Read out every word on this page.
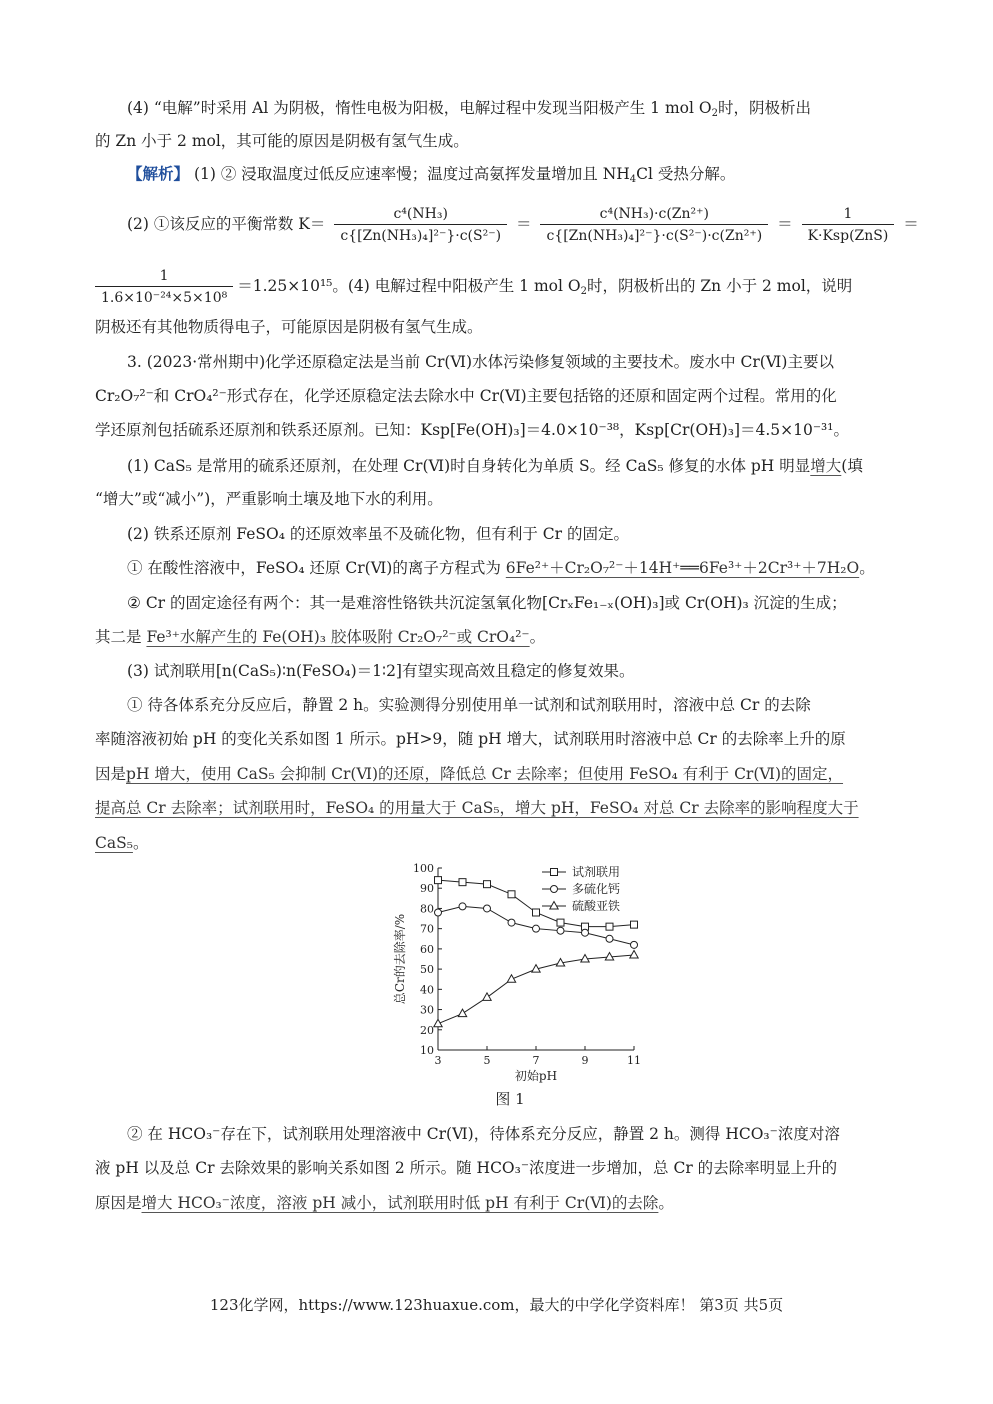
(4) “电解”时采用 Al 为阴极，惰性电极为阳极，电解过程中发现当阳极产生 1 mol $O_2$时，阴极析出
的 Zn 小于 2 mol，其可能的原因是阴极有氢气生成。
【解析】 (1) ② 浸取温度过低反应速率慢；温度过高氨挥发量增加且 $NH_4Cl$ 受热分解。
(2) ①该反应的平衡常数 $K= \frac{\text{c⁴(NH₃)}}{\text{c\{[Zn(NH₃)₄]²⁻\}·c(S²⁻)}} = \frac{\text{c⁴(NH₃)·c(Zn²⁺)}}{\text{c\{[Zn(NH₃)₄]²⁻\}·c(S²⁻)·c(Zn²⁺)}} = \frac{1}{\text{K·Ksp(ZnS)}}$ ＝
$\frac{1}{\text{1.6×10⁻²⁴×5×10⁸}} =1.25\times 10^{15}$。(4) 电解过程中阳极产生 1 mol $O_2$时，阴极析出的 Zn 小于 2 mol，说明
阴极还有其他物质得电子，可能原因是阴极有氢气生成。
3. (2023·常州期中)化学还原稳定法是当前 Cr(Ⅵ)水体污染修复领域的主要技术。废水中 Cr(Ⅵ)主要以
Cr₂O₇²⁻和 CrO₄²⁻形式存在，化学还原稳定法去除水中 Cr(Ⅵ)主要包括铬的还原和固定两个过程。常用的化
学还原剂包括硫系还原剂和铁系还原剂。已知：Ksp[Fe(OH)₃]＝4.0×10⁻³⁸，Ksp[Cr(OH)₃]＝4.5×10⁻³¹。
(1) CaS₅ 是常用的硫系还原剂，在处理 Cr(Ⅵ)时自身转化为单质 S。经 CaS₅ 修复的水体 pH 明显增大(填
“增大”或“减小”)，严重影响土壤及地下水的利用。
(2) 铁系还原剂 FeSO₄ 的还原效率虽不及硫化物，但有利于 Cr 的固定。
① 在酸性溶液中，FeSO₄ 还原 Cr(Ⅵ)的离子方程式为 6Fe²⁺＋Cr₂O₇²⁻＋14H⁺══6Fe³⁺＋2Cr³⁺＋7H₂O。
② Cr 的固定途径有两个：其一是难溶性铬铁共沉淀氢氧化物[CrₓFe₁₋ₓ(OH)₃]或 Cr(OH)₃ 沉淀的生成；
其二是 Fe³⁺水解产生的 Fe(OH)₃ 胶体吸附 Cr₂O₇²⁻或 CrO₄²⁻。
(3) 试剂联用[n(CaS₅)∶n(FeSO₄)＝1∶2]有望实现高效且稳定的修复效果。
① 待各体系充分反应后，静置 2 h。实验测得分别使用单一试剂和试剂联用时，溶液中总 Cr 的去除
率随溶液初始 pH 的变化关系如图 1 所示。pH>9，随 pH 增大，试剂联用时溶液中总 Cr 的去除率上升的原
因是pH 增大，使用 CaS₅ 会抑制 Cr(Ⅵ)的还原，降低总 Cr 去除率；但使用 FeSO₄ 有利于 Cr(Ⅵ)的固定，
提高总 Cr 去除率；试剂联用时，FeSO₄ 的用量大于 CaS₅，增大 pH，FeSO₄ 对总 Cr 去除率的影响程度大于
CaS₅。
10
20
30
40
50
60
70
80
90
100
3	5	7	9	11
初始pH
总Cr的去除率/%
试剂联用
多硫化钙
硫酸亚铁
图 1
② 在 HCO₃⁻存在下，试剂联用处理溶液中 Cr(Ⅵ)，待体系充分反应，静置 2 h。测得 HCO₃⁻浓度对溶
液 pH 以及总 Cr 去除效果的影响关系如图 2 所示。随 HCO₃⁻浓度进一步增加，总 Cr 的去除率明显上升的
原因是增大 HCO₃⁻浓度，溶液 pH 减小，试剂联用时低 pH 有利于 Cr(Ⅵ)的去除。
123化学网，https://www.123huaxue.com，最大的中学化学资料库！ 第3页 共5页
